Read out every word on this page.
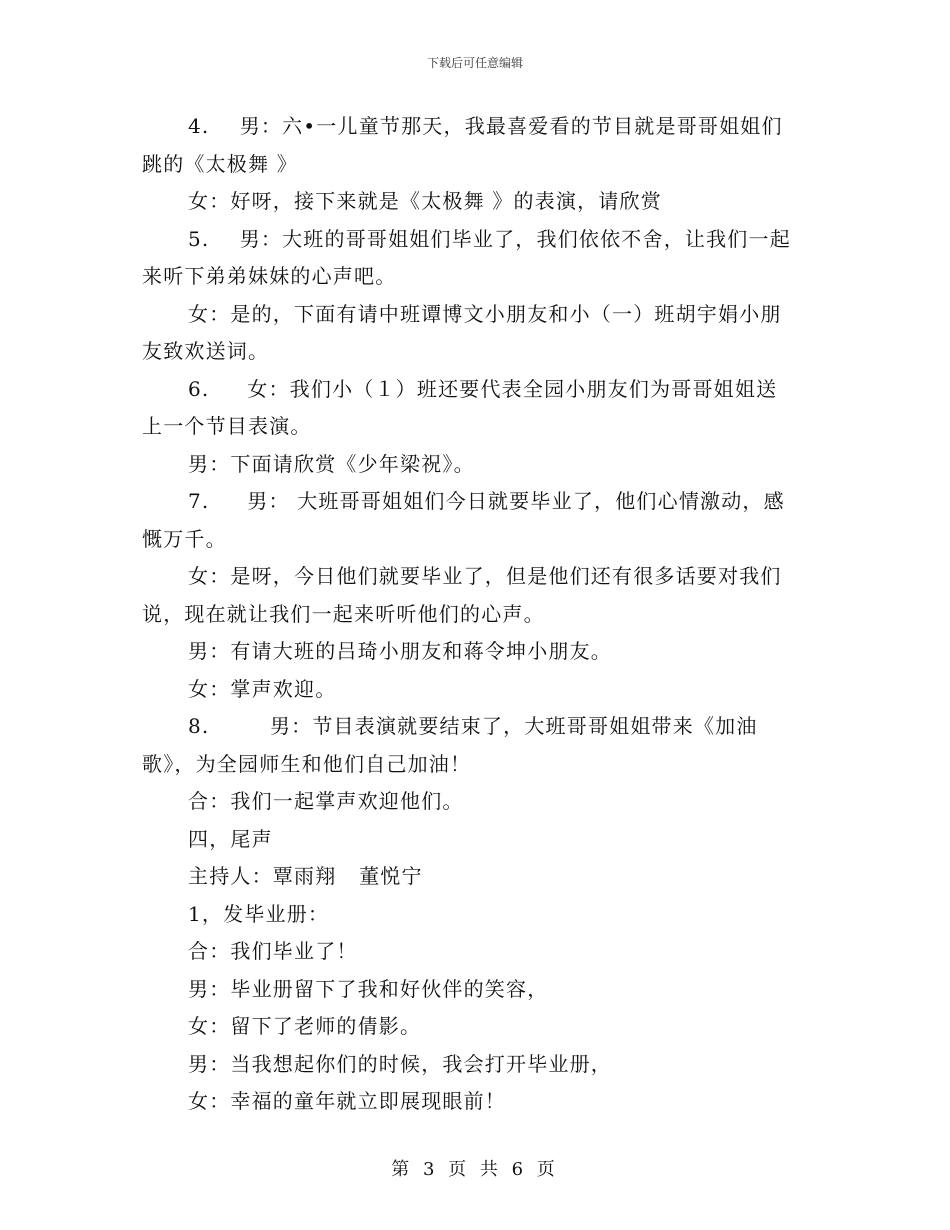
下载后可任意编辑
4.    男：六•一儿童节那天，我最喜爱看的节目就是哥哥姐姐们
跳的《太极舞 》
女：好呀，接下来就是《太极舞 》的表演，请欣赏
5.    男：大班的哥哥姐姐们毕业了，我们依依不舍，让我们一起
来听下弟弟妹妹的心声吧。
女：是的，下面有请中班谭博文小朋友和小（一）班胡宇娟小朋
友致欢送词。
6.     女：我们小（１）班还要代表全园小朋友们为哥哥姐姐送
上一个节目表演。
男：下面请欣赏《少年梁祝》。
7.     男： 大班哥哥姐姐们今日就要毕业了，他们心情激动，感
慨万千。
女：是呀，今日他们就要毕业了，但是他们还有很多话要对我们
说，现在就让我们一起来听听他们的心声。
男：有请大班的吕琦小朋友和蒋令坤小朋友。
女：掌声欢迎。
8.        男：节目表演就要结束了，大班哥哥姐姐带来《加油
歌》，为全园师生和他们自己加油！
合：我们一起掌声欢迎他们。
四，尾声
主持人：覃雨翔   董悦宁
1，发毕业册：
合：我们毕业了！
男：毕业册留下了我和好伙伴的笑容，
女：留下了老师的倩影。
男：当我想起你们的时候，我会打开毕业册，
女：幸福的童年就立即展现眼前！
第 3 页 共 6 页
